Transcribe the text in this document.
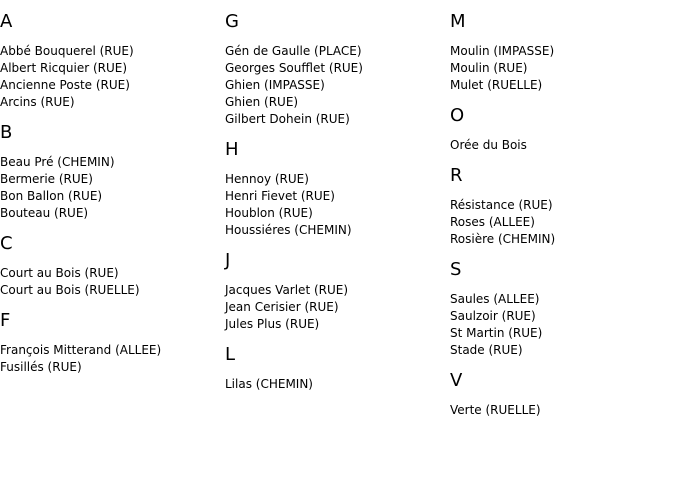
A
Abbé Bouquerel (RUE)
Albert Ricquier (RUE)
Ancienne Poste (RUE)
Arcins (RUE)
B
Beau Pré (CHEMIN)
Bermerie (RUE)
Bon Ballon (RUE)
Bouteau (RUE)
C
Court au Bois (RUE)
Court au Bois (RUELLE)
F
François Mitterand (ALLEE)
Fusillés (RUE)
G
Gén de Gaulle (PLACE)
Georges Soufflet (RUE)
Ghien (IMPASSE)
Ghien (RUE)
Gilbert Dohein (RUE)
H
Hennoy (RUE)
Henri Fievet (RUE)
Houblon (RUE)
Houssiéres (CHEMIN)
J
Jacques Varlet (RUE)
Jean Cerisier (RUE)
Jules Plus (RUE)
L
Lilas (CHEMIN)
M
Moulin (IMPASSE)
Moulin (RUE)
Mulet (RUELLE)
O
Orée du Bois
R
Résistance (RUE)
Roses (ALLEE)
Rosière (CHEMIN)
S
Saules (ALLEE)
Saulzoir (RUE)
St Martin (RUE)
Stade (RUE)
V
Verte (RUELLE)
